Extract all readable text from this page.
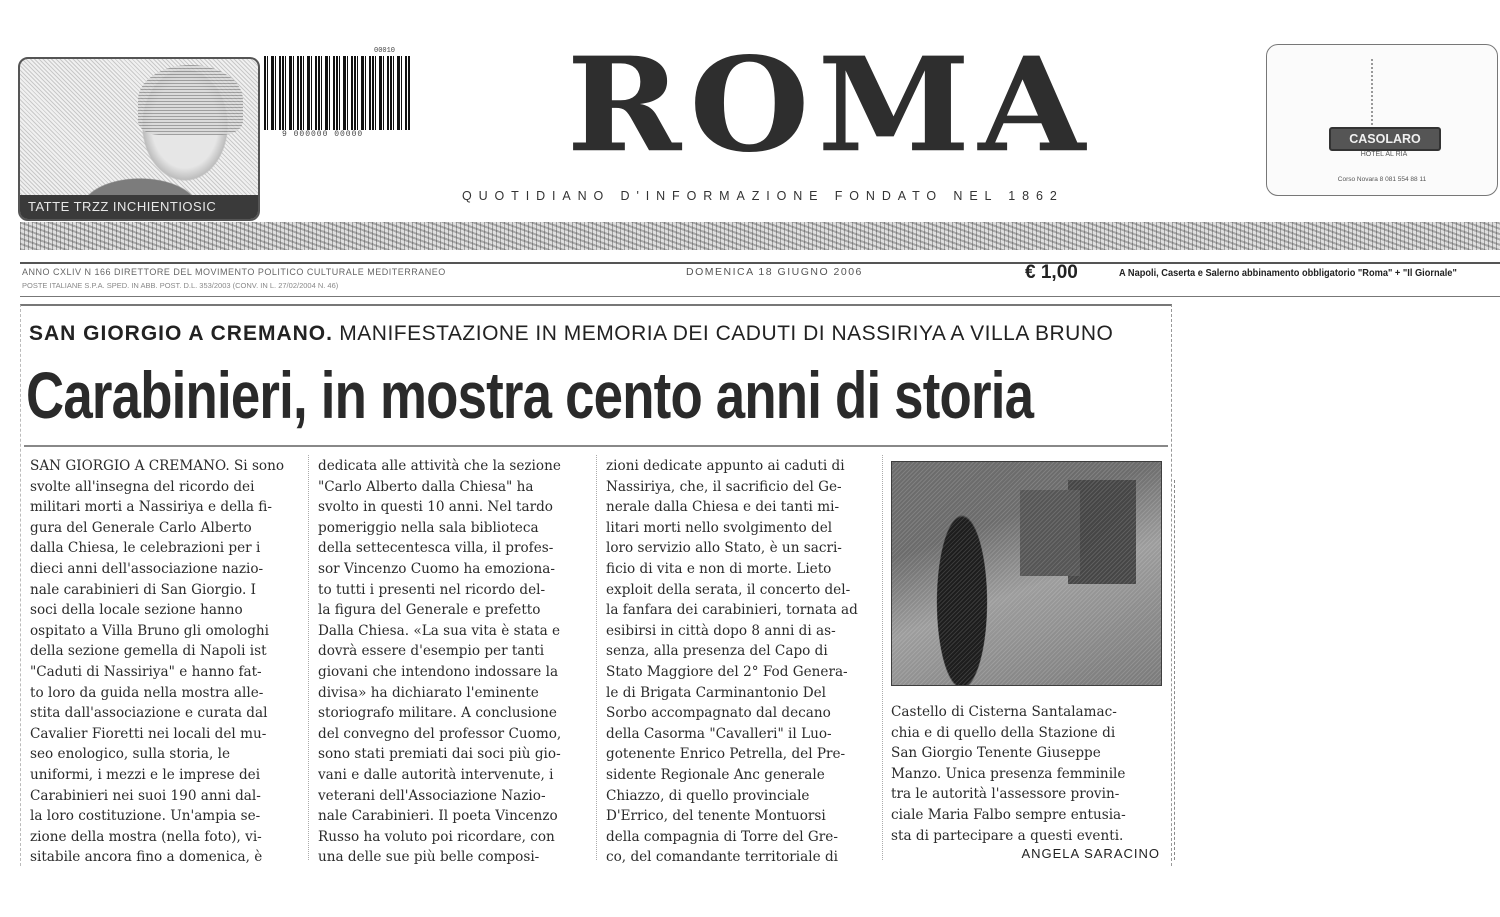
TATTE TRZZ INCHIENTIOSIC
00010
9 000000 00000	ROMA
QUOTIDIANO D'INFORMAZIONE FONDATO NEL 1862
CASOLARO
HOTEL AL RIA
Corso Novara 8 081 554 88 11
ANNO CXLIV N 166 DIRETTORE DEL MOVIMENTO POLITICO CULTURALE MEDITERRANEO
POSTE ITALIANE S.P.A. SPED. IN ABB. POST. D.L. 353/2003 (CONV. IN L. 27/02/2004 N. 46)
DOMENICA 18 GIUGNO 2006	€ 1,00	A Napoli, Caserta e Salerno abbinamento obbligatorio "Roma" + "Il Giornale"
SAN GIORGIO A CREMANO. MANIFESTAZIONE IN MEMORIA DEI CADUTI DI NASSIRIYA A VILLA BRUNO
Carabinieri, in mostra cento anni di storia
SAN GIORGIO A CREMANO. Si sono
svolte all'insegna del ricordo dei
militari morti a Nassiriya e della fi-
gura del Generale Carlo Alberto
dalla Chiesa, le celebrazioni per i
dieci anni dell'associazione nazio-
nale carabinieri di San Giorgio. I
soci della locale sezione hanno
ospitato a Villa Bruno gli omologhi
della sezione gemella di Napoli ist
"Caduti di Nassiriya" e hanno fat-
to loro da guida nella mostra alle-
stita dall'associazione e curata dal
Cavalier Fioretti nei locali del mu-
seo enologico, sulla storia, le
uniformi, i mezzi e le imprese dei
Carabinieri nei suoi 190 anni dal-
la loro costituzione. Un'ampia se-
zione della mostra (nella foto), vi-
sitabile ancora fino a domenica, è
dedicata alle attività che la sezione
"Carlo Alberto dalla Chiesa" ha
svolto in questi 10 anni. Nel tardo
pomeriggio nella sala biblioteca
della settecentesca villa, il profes-
sor Vincenzo Cuomo ha emoziona-
to tutti i presenti nel ricordo del-
la figura del Generale e prefetto
Dalla Chiesa. «La sua vita è stata e
dovrà essere d'esempio per tanti
giovani che intendono indossare la
divisa» ha dichiarato l'eminente
storiografo militare. A conclusione
del convegno del professor Cuomo,
sono stati premiati dai soci più gio-
vani e dalle autorità intervenute, i
veterani dell'Associazione Nazio-
nale Carabinieri. Il poeta Vincenzo
Russo ha voluto poi ricordare, con
una delle sue più belle composi-
zioni dedicate appunto ai caduti di
Nassiriya, che, il sacrificio del Ge-
nerale dalla Chiesa e dei tanti mi-
litari morti nello svolgimento del
loro servizio allo Stato, è un sacri-
ficio di vita e non di morte. Lieto
exploit della serata, il concerto del-
la fanfara dei carabinieri, tornata ad
esibirsi in città dopo 8 anni di as-
senza, alla presenza del Capo di
Stato Maggiore del 2° Fod Genera-
le di Brigata Carminantonio Del
Sorbo accompagnato dal decano
della Casorma "Cavalleri" il Luo-
gotenente Enrico Petrella, del Pre-
sidente Regionale Anc generale
Chiazzo, di quello provinciale
D'Errico, del tenente Montuorsi
della compagnia di Torre del Gre-
co, del comandante territoriale di
Castello di Cisterna Santalamac-
chia e di quello della Stazione di
San Giorgio Tenente Giuseppe
Manzo. Unica presenza femminile
tra le autorità l'assessore provin-
ciale Maria Falbo sempre entusia-
sta di partecipare a questi eventi.
ANGELA SARACINO
